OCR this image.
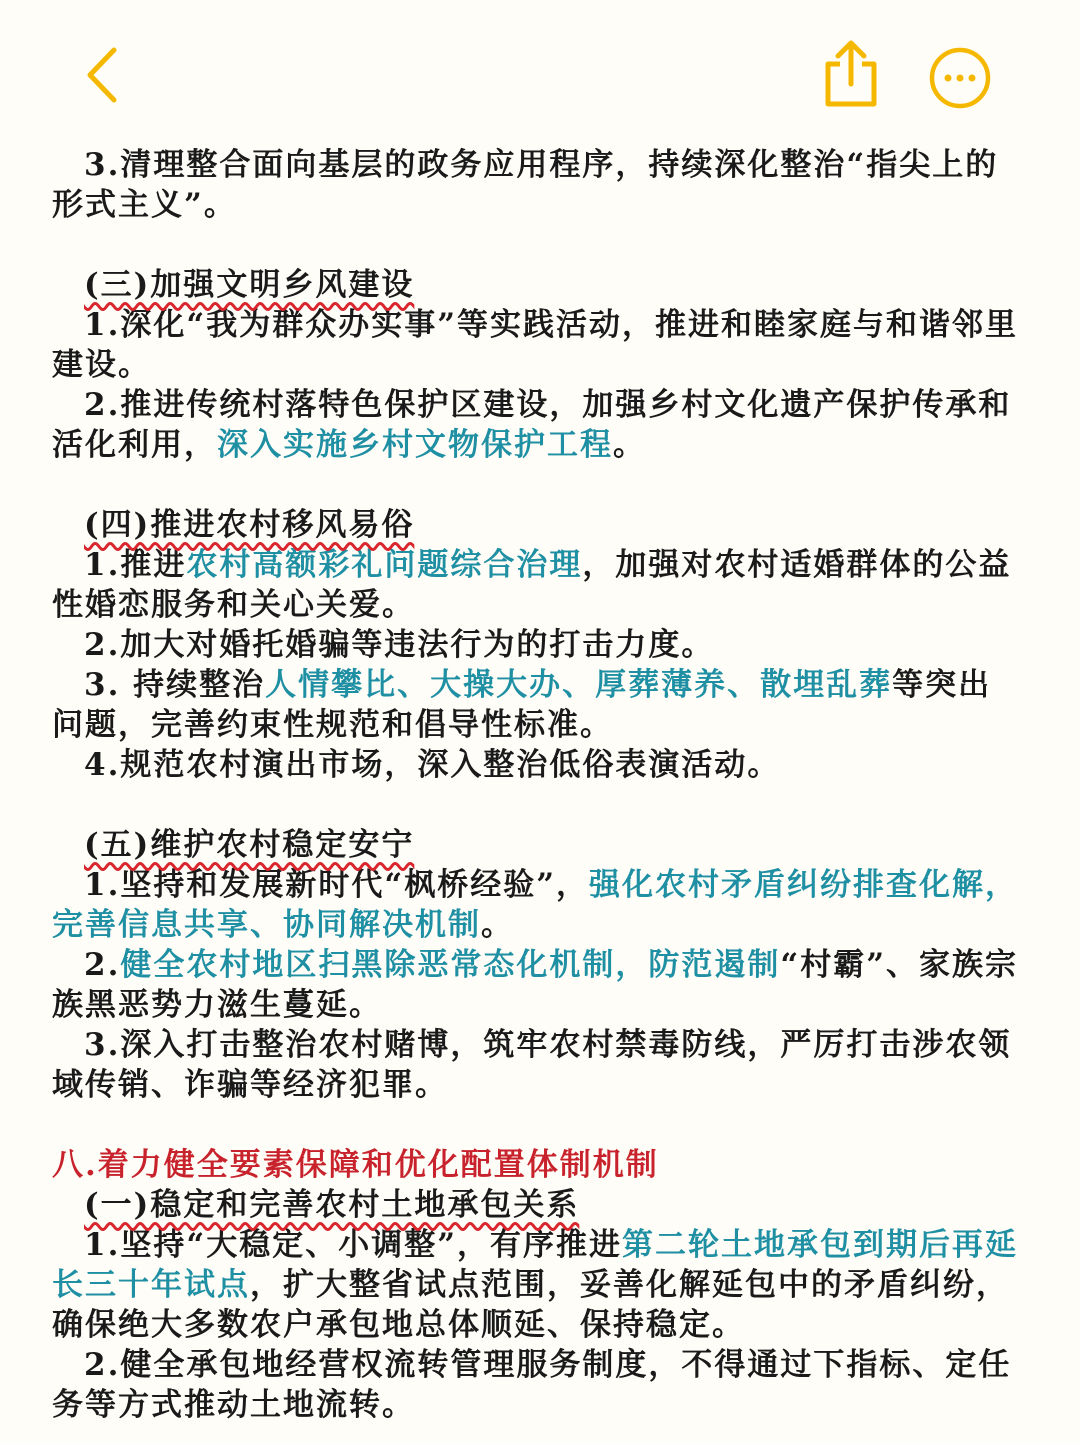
3.清理整合面向基层的政务应用程序，持续深化整治“指尖上的形式主义”。

(三)加强文明乡风建设

1.深化“我为群众办实事”等实践活动，推进和睦家庭与和谐邻里建设。

2.推进传统村落特色保护区建设，加强乡村文化遗产保护传承和活化利用，深入实施乡村文物保护工程。

(四)推进农村移风易俗

1.推进农村高额彩礼问题综合治理，加强对农村适婚群体的公益性婚恋服务和关心关爱。

2.加大对婚托婚骗等违法行为的打击力度。

3. 持续整治人情攀比、大操大办、厚葬薄养、散埋乱葬等突出问题，完善约束性规范和倡导性标准。

4.规范农村演出市场，深入整治低俗表演活动。

(五)维护农村稳定安宁

1.坚持和发展新时代“枫桥经验”，强化农村矛盾纠纷排查化解，完善信息共享、协同解决机制。

2.健全农村地区扫黑除恶常态化机制，防范遏制“村霸”、家族宗族黑恶势力滋生蔓延。

3.深入打击整治农村赌博，筑牢农村禁毒防线，严厉打击涉农领域传销、诈骗等经济犯罪。

八.着力健全要素保障和优化配置体制机制

(一)稳定和完善农村土地承包关系

1.坚持“大稳定、小调整”，有序推进第二轮土地承包到期后再延长三十年试点，扩大整省试点范围，妥善化解延包中的矛盾纠纷，确保绝大多数农户承包地总体顺延、保持稳定。

2.健全承包地经营权流转管理服务制度，不得通过下指标、定任务等方式推动土地流转。
